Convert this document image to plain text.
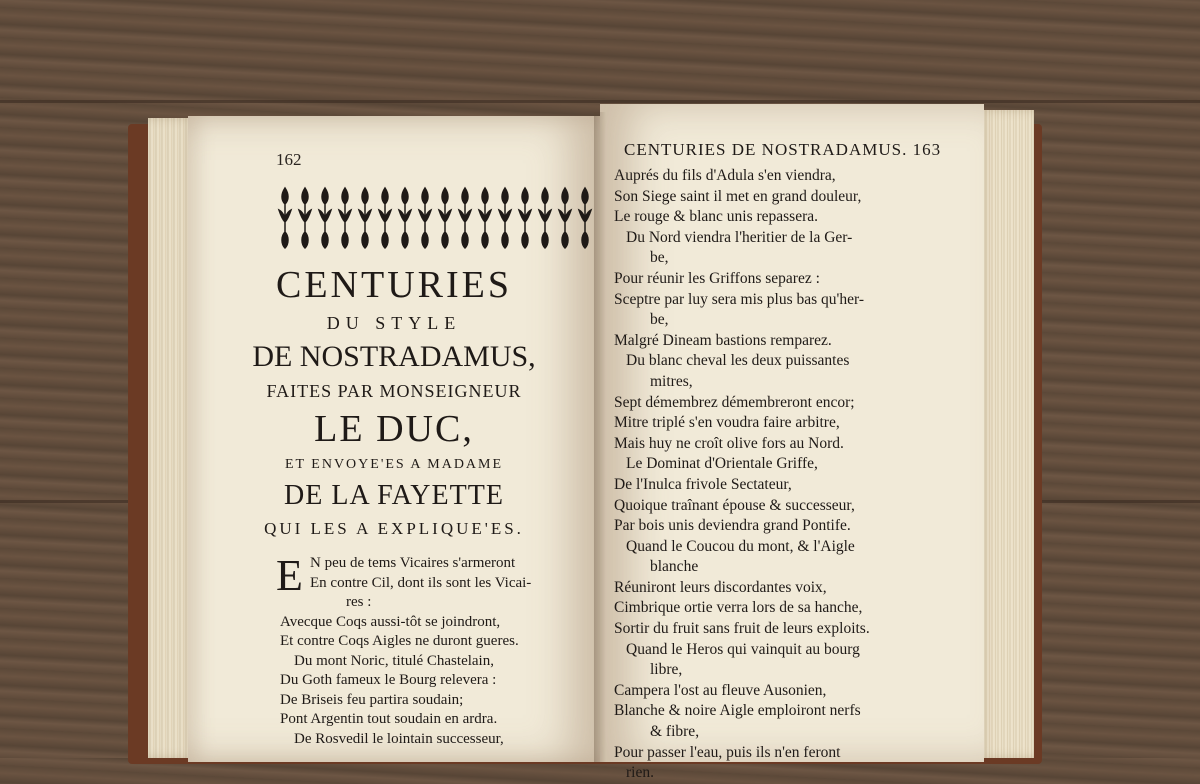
162
CENTURIES
DU STYLE
DE NOSTRADAMUS,
FAITES PAR MONSEIGNEUR
LE DUC,
ET ENVOYE'ES A MADAME
DE LA FAYETTE
QUI LES A EXPLIQUE'ES.
E N peu de tems Vicaires s'armeront
En contre Cil, dont ils sont les Vicai-
res :
Avecque Coqs aussi-tôt se joindront,
Et contre Coqs Aigles ne duront gueres.
Du mont Noric, titulé Chastelain,
Du Goth fameux le Bourg relevera :
De Briseis feu partira soudain;
Pont Argentin tout soudain en ardra.
De Rosvedil le lointain successeur,
CENTURIES DE NOSTRADAMUS. 163
Auprés du fils d'Adula s'en viendra,
Son Siege saint il met en grand douleur,
Le rouge & blanc unis repassera.
Du Nord viendra l'heritier de la Ger-
be,
Pour réunir les Griffons separez :
Sceptre par luy sera mis plus bas qu'her-
be,
Malgré Dineam bastions remparez.
Du blanc cheval les deux puissantes
mitres,
Sept démembrez démembreront encor;
Mitre triplé s'en voudra faire arbitre,
Mais huy ne croît olive fors au Nord.
Le Dominat d'Orientale Griffe,
De l'Inulca frivole Sectateur,
Quoique traînant épouse & successeur,
Par bois unis deviendra grand Pontife.
Quand le Coucou du mont, & l'Aigle
blanche
Réuniront leurs discordantes voix,
Cimbrique ortie verra lors de sa hanche,
Sortir du fruit sans fruit de leurs exploits.
Quand le Heros qui vainquit au bourg
libre,
Campera l'ost au fleuve Ausonien,
Blanche & noire Aigle emploiront nerfs
& fibre,
Pour passer l'eau, puis ils n'en feront
rien.
